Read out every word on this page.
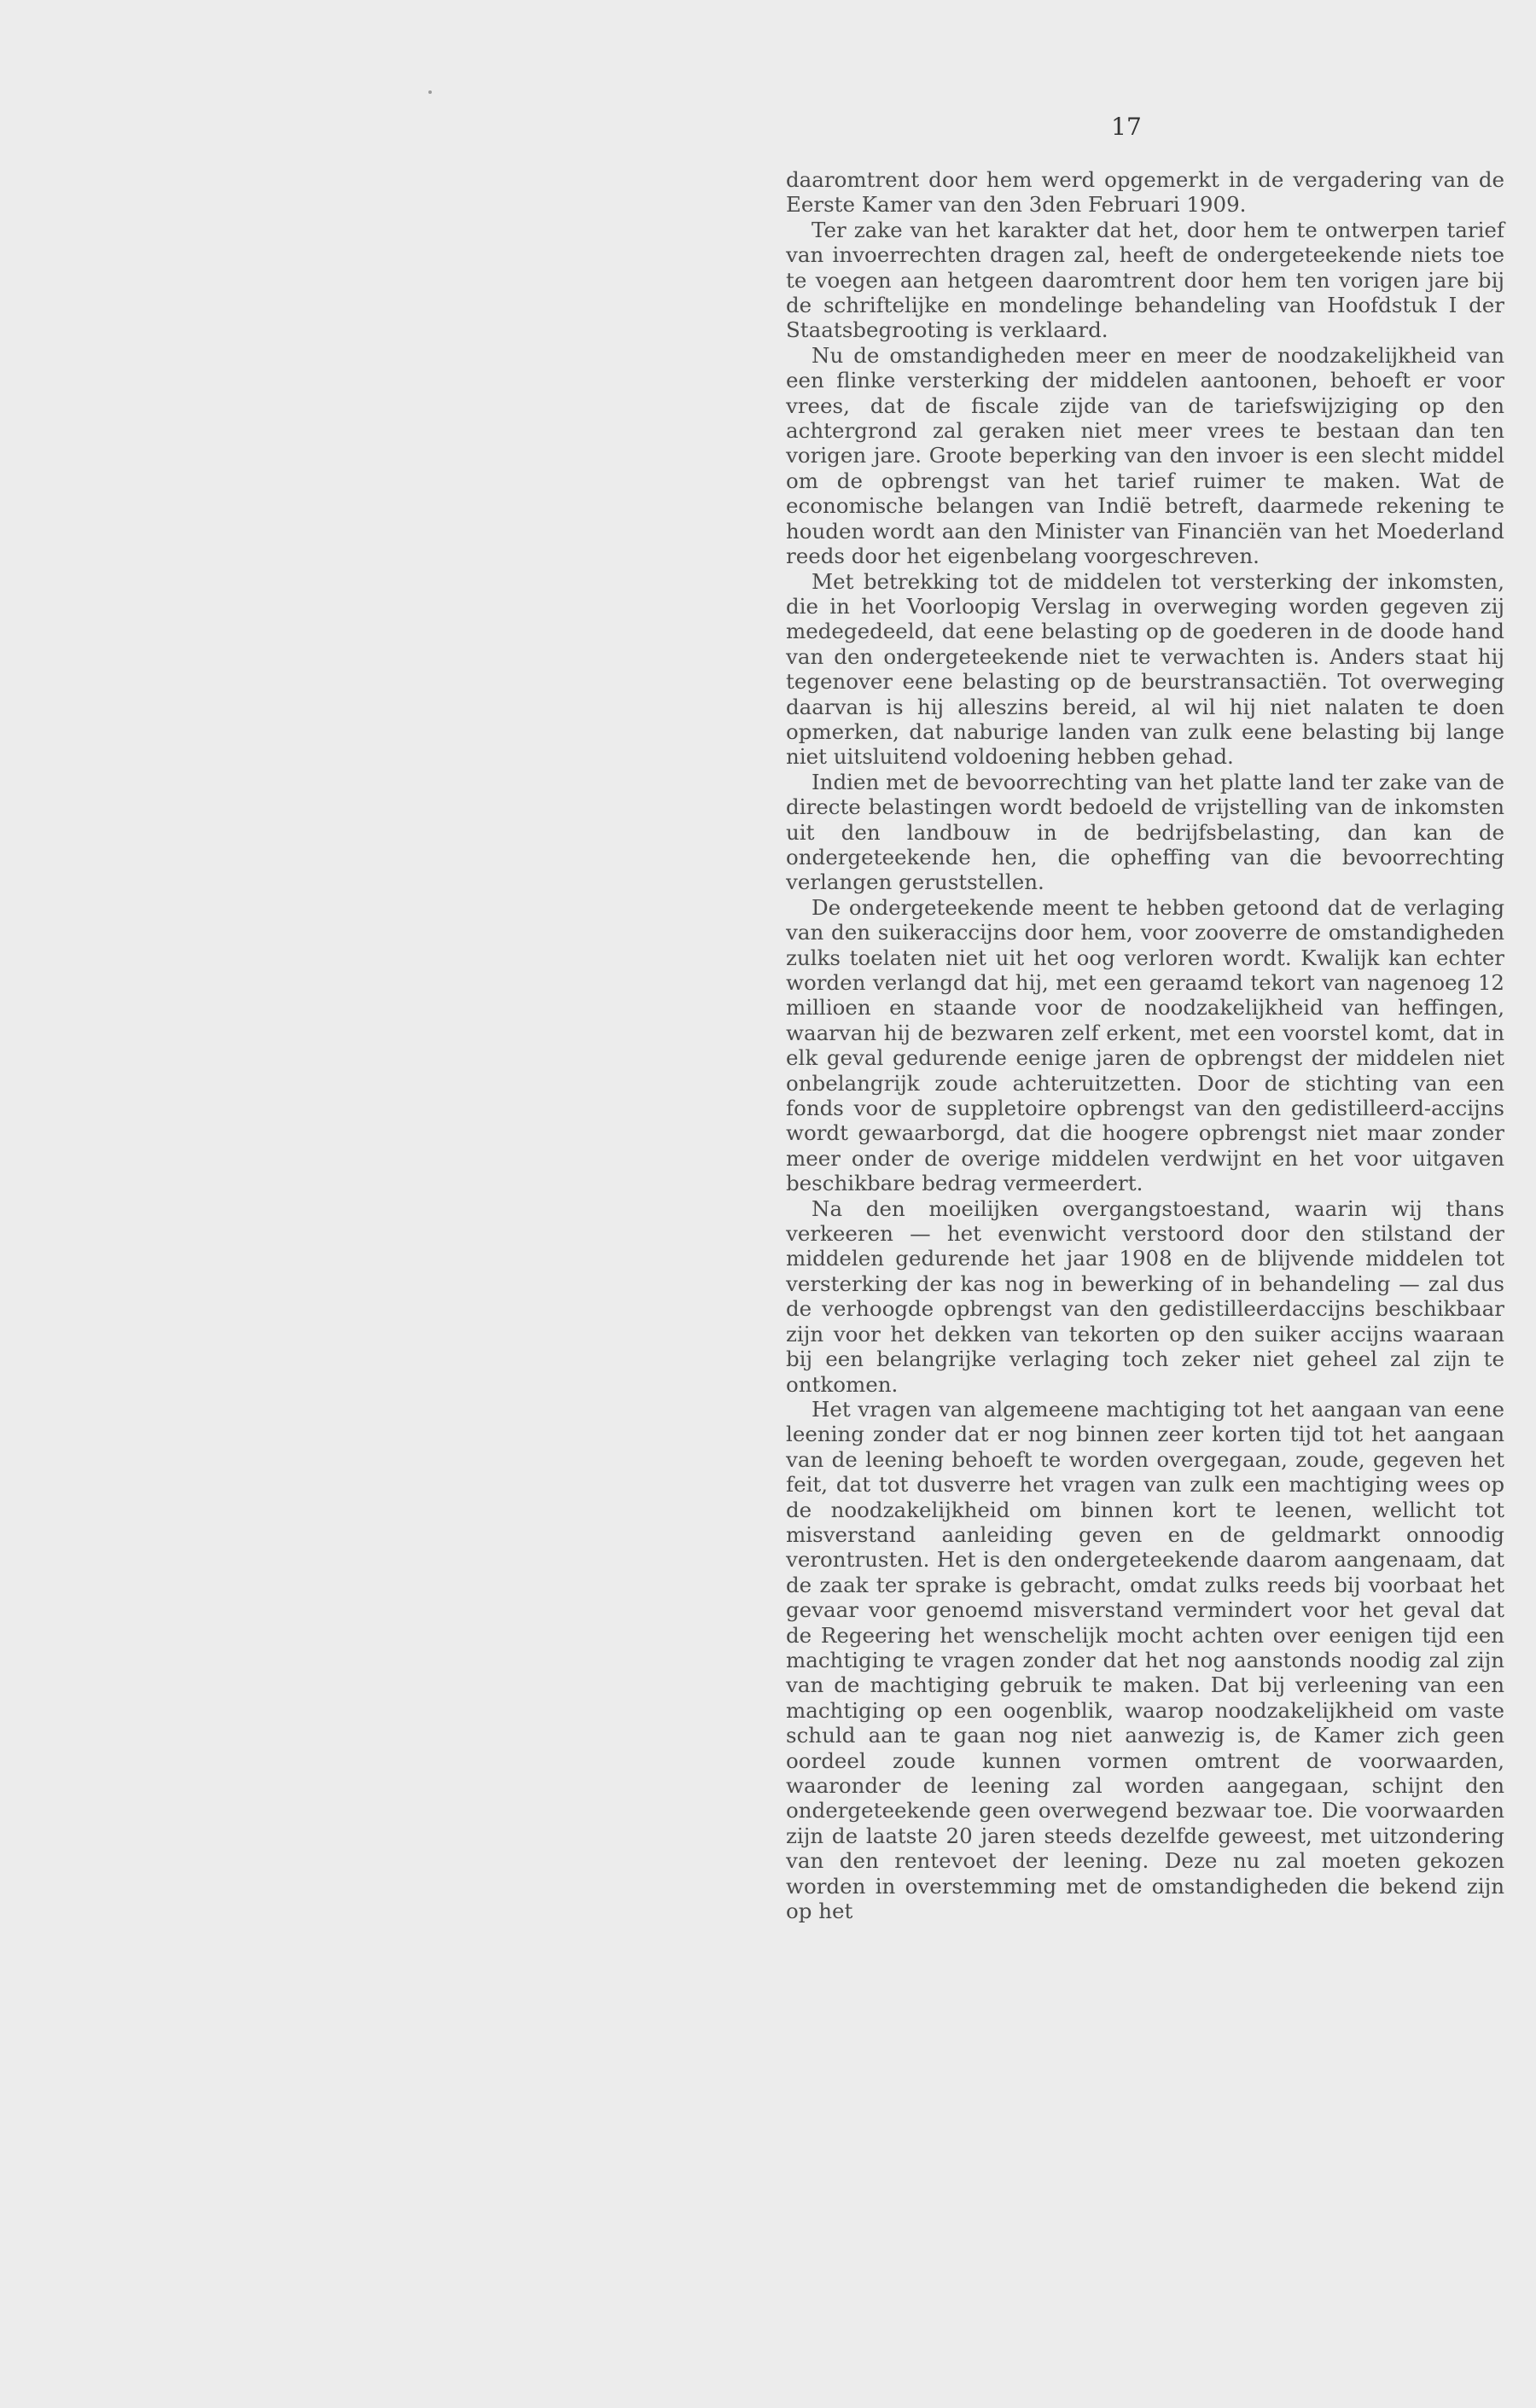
17

daaromtrent door hem werd opgemerkt in de vergadering van de Eerste Kamer van den 3den Februari 1909.

Ter zake van het karakter dat het, door hem te ontwerpen tarief van invoerrechten dragen zal, heeft de ondergeteekende niets toe te voegen aan hetgeen daaromtrent door hem ten vorigen jare bij de schriftelijke en mondelinge behandeling van Hoofdstuk I der Staatsbegrooting is verklaard.

Nu de omstandigheden meer en meer de noodzakelijkheid van een flinke versterking der middelen aantoonen, behoeft er voor vrees, dat de fiscale zijde van de tariefswijziging op den achtergrond zal geraken niet meer vrees te bestaan dan ten vorigen jare. Groote beperking van den invoer is een slecht middel om de opbrengst van het tarief ruimer te maken. Wat de economische belangen van Indië betreft, daarmede rekening te houden wordt aan den Minister van Financiën van het Moederland reeds door het eigenbelang voorgeschreven.

Met betrekking tot de middelen tot versterking der inkomsten, die in het Voorloopig Verslag in overweging worden gegeven zij medegedeeld, dat eene belasting op de goederen in de doode hand van den ondergeteekende niet te verwachten is. Anders staat hij tegenover eene belasting op de beurstransactiën. Tot overweging daarvan is hij alleszins bereid, al wil hij niet nalaten te doen opmerken, dat naburige landen van zulk eene belasting bij lange niet uitsluitend voldoening hebben gehad.

Indien met de bevoorrechting van het platte land ter zake van de directe belastingen wordt bedoeld de vrijstelling van de inkomsten uit den landbouw in de bedrijfsbelasting, dan kan de ondergeteekende hen, die opheffing van die bevoorrechting verlangen geruststellen.

De ondergeteekende meent te hebben getoond dat de verlaging van den suikeraccijns door hem, voor zooverre de omstandigheden zulks toelaten niet uit het oog verloren wordt. Kwalijk kan echter worden verlangd dat hij, met een geraamd tekort van nagenoeg 12 millioen en staande voor de noodzakelijkheid van heffingen, waarvan hij de bezwaren zelf erkent, met een voorstel komt, dat in elk geval gedurende eenige jaren de opbrengst der middelen niet onbelangrijk zoude achteruitzetten. Door de stichting van een fonds voor de suppletoire opbrengst van den gedistilleerd-accijns wordt gewaarborgd, dat die hoogere opbrengst niet maar zonder meer onder de overige middelen verdwijnt en het voor uitgaven beschikbare bedrag vermeerdert.

Na den moeilijken overgangstoestand, waarin wij thans verkeeren — het evenwicht verstoord door den stilstand der middelen gedurende het jaar 1908 en de blijvende middelen tot versterking der kas nog in bewerking of in behandeling — zal dus de verhoogde opbrengst van den gedistilleerdaccijns beschikbaar zijn voor het dekken van tekorten op den suiker accijns waaraan bij een belangrijke verlaging toch zeker niet geheel zal zijn te ontkomen.

Het vragen van algemeene machtiging tot het aangaan van eene leening zonder dat er nog binnen zeer korten tijd tot het aangaan van de leening behoeft te worden overgegaan, zoude, gegeven het feit, dat tot dusverre het vragen van zulk een machtiging wees op de noodzakelijkheid om binnen kort te leenen, wellicht tot misverstand aanleiding geven en de geldmarkt onnoodig verontrusten. Het is den ondergeteekende daarom aangenaam, dat de zaak ter sprake is gebracht, omdat zulks reeds bij voorbaat het gevaar voor genoemd misverstand vermindert voor het geval dat de Regeering het wenschelijk mocht achten over eenigen tijd een machtiging te vragen zonder dat het nog aanstonds noodig zal zijn van de machtiging gebruik te maken. Dat bij verleening van een machtiging op een oogenblik, waarop noodzakelijkheid om vaste schuld aan te gaan nog niet aanwezig is, de Kamer zich geen oordeel zoude kunnen vormen omtrent de voorwaarden, waaronder de leening zal worden aangegaan, schijnt den ondergeteekende geen overwegend bezwaar toe. Die voorwaarden zijn de laatste 20 jaren steeds dezelfde geweest, met uitzondering van den rentevoet der leening. Deze nu zal moeten gekozen worden in overstemming met de omstandigheden die bekend zijn op het
